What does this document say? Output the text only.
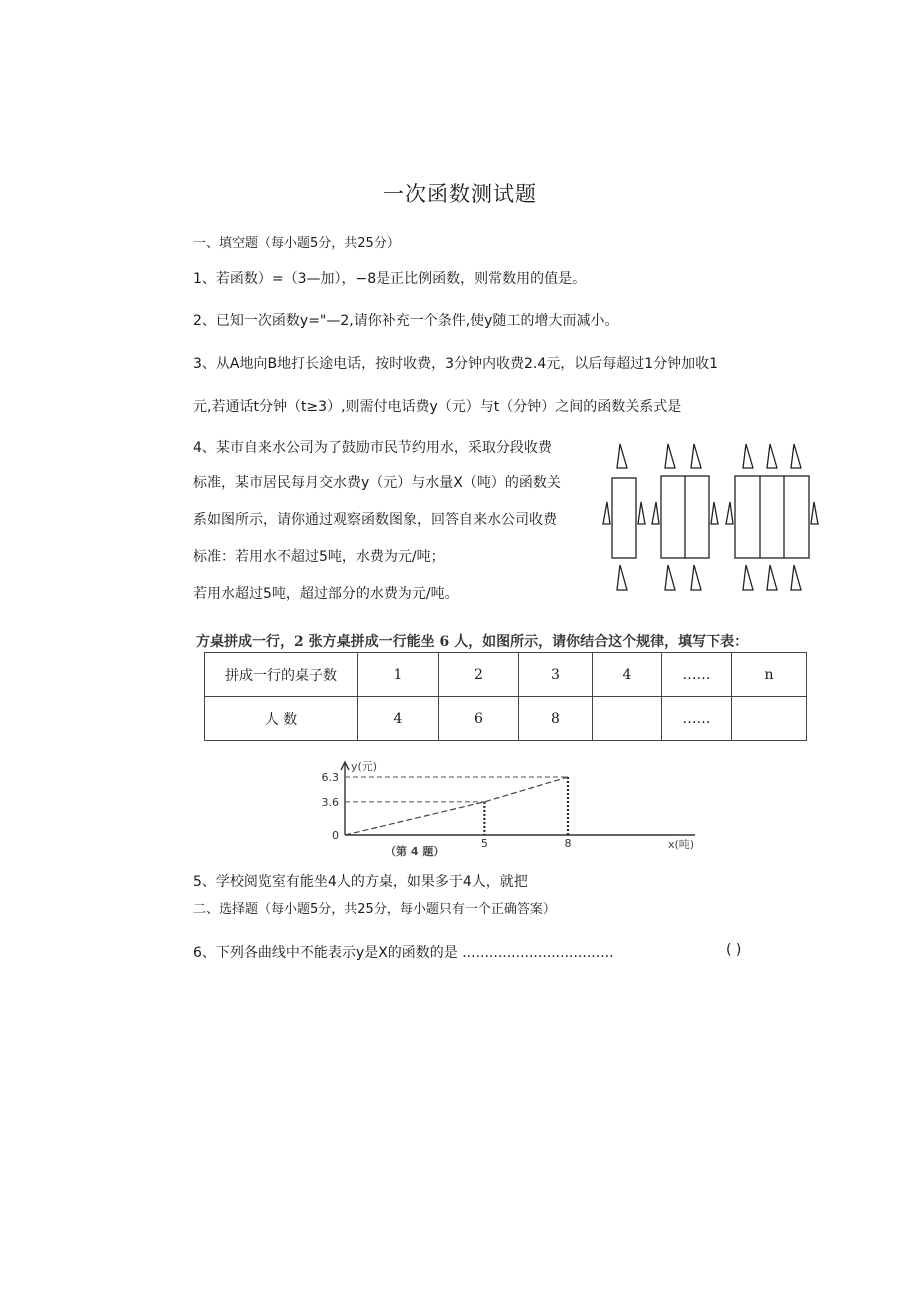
一次函数测试题
一、填空题（每小题5分，共25分）
1、若函数）=（3—加），−8是正比例函数，则常数用的值是。
2、已知一次函数y="—2,请你补充一个条件,使y随工的增大而减小。
3、从A地向B地打长途电话，按时收费，3分钟内收费2.4元，以后每超过1分钟加收1
元,若通话t分钟（t≥3）,则需付电话费y（元）与t（分钟）之间的函数关系式是
4、某市自来水公司为了鼓励市民节约用水，采取分段收费
标准，某市居民每月交水费y（元）与水量X（吨）的函数关
系如图所示，请你通过观察函数图象，回答自来水公司收费
标准：若用水不超过5吨，水费为元/吨；
若用水超过5吨，超过部分的水费为元/吨。
方桌拼成一行，2 张方桌拼成一行能坐 6 人，如图所示，请你结合这个规律，填写下表：
拼成一行的桌子数	1	2	3	4	……	n
人 数	4	6	8		……	
y(元)
x(吨)
（第 4 题）
0
3.6
6.3
5	8
5、学校阅览室有能坐4人的方桌，如果多于4人，就把
二、选择题（每小题5分，共25分，每小题只有一个正确答案）
6、下列各曲线中不能表示y是X的函数的是 ..................................	( )
